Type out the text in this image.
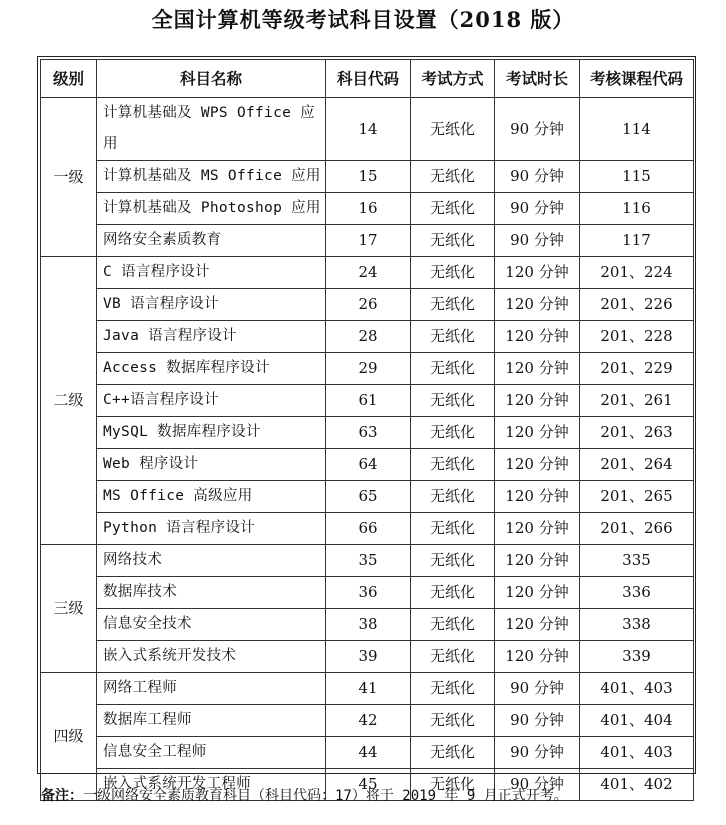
全国计算机等级考试科目设置（2018 版）
级别	科目名称	科目代码	考试方式	考试时长	考核课程代码
一级	计算机基础及 WPS Office 应用	14	无纸化	90 分钟	114
	计算机基础及 MS Office 应用	15	无纸化	90 分钟	115
	计算机基础及 Photoshop 应用	16	无纸化	90 分钟	116
	网络安全素质教育	17	无纸化	90 分钟	117
二级	C 语言程序设计	24	无纸化	120 分钟	201、224
	VB 语言程序设计	26	无纸化	120 分钟	201、226
	Java 语言程序设计	28	无纸化	120 分钟	201、228
	Access 数据库程序设计	29	无纸化	120 分钟	201、229
	C++语言程序设计	61	无纸化	120 分钟	201、261
	MySQL 数据库程序设计	63	无纸化	120 分钟	201、263
	Web 程序设计	64	无纸化	120 分钟	201、264
	MS Office 高级应用	65	无纸化	120 分钟	201、265
	Python 语言程序设计	66	无纸化	120 分钟	201、266
三级	网络技术	35	无纸化	120 分钟	335
	数据库技术	36	无纸化	120 分钟	336
	信息安全技术	38	无纸化	120 分钟	338
	嵌入式系统开发技术	39	无纸化	120 分钟	339
四级	网络工程师	41	无纸化	90 分钟	401、403
	数据库工程师	42	无纸化	90 分钟	401、404
	信息安全工程师	44	无纸化	90 分钟	401、403
	嵌入式系统开发工程师	45	无纸化	90 分钟	401、402
备注：一级网络安全素质教育科目（科目代码：17）将于 2019 年 9 月正式开考。
